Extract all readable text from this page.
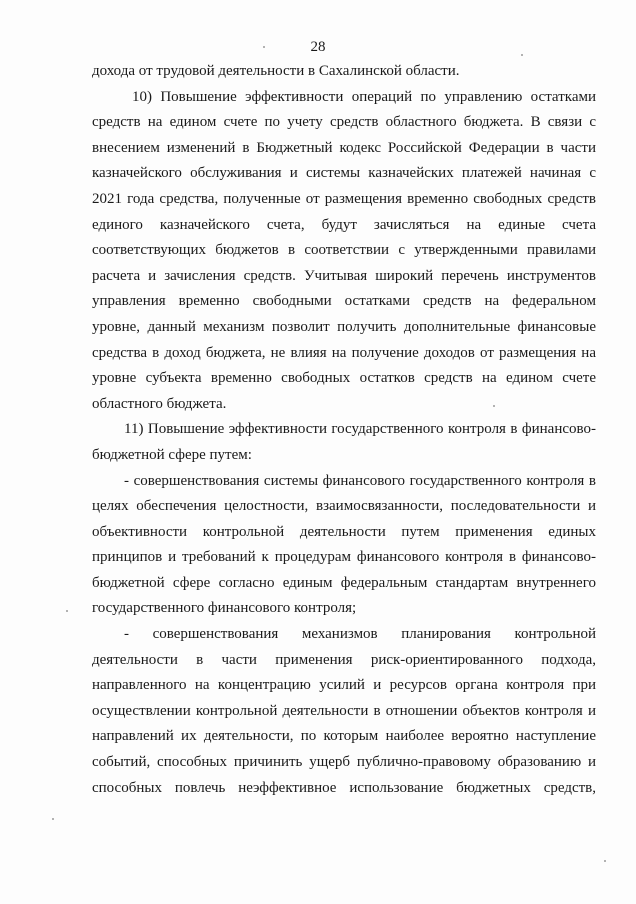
28
дохода от трудовой деятельности в Сахалинской области.
10) Повышение эффективности операций по управлению остатками
средств на едином счете по учету средств областного бюджета. В связи с
внесением изменений в Бюджетный кодекс Российской Федерации в части
казначейского обслуживания и системы казначейских платежей начиная с
2021 года средства, полученные от размещения временно свободных средств
единого казначейского счета, будут зачисляться на единые счета
соответствующих бюджетов в соответствии с утвержденными правилами
расчета и зачисления средств. Учитывая широкий перечень инструментов
управления временно свободными остатками средств на федеральном
уровне, данный механизм позволит получить дополнительные финансовые
средства в доход бюджета, не влияя на получение доходов от размещения на
уровне субъекта временно свободных остатков средств на едином счете
областного бюджета.
11) Повышение эффективности государственного контроля в финансово-
бюджетной сфере путем:
- совершенствования системы финансового государственного контроля в
целях обеспечения целостности, взаимосвязанности, последовательности и
объективности контрольной деятельности путем применения единых
принципов и требований к процедурам финансового контроля в финансово-
бюджетной сфере согласно единым федеральным стандартам внутреннего
государственного финансового контроля;
- совершенствования механизмов планирования контрольной
деятельности в части применения риск-ориентированного подхода,
направленного на концентрацию усилий и ресурсов органа контроля при
осуществлении контрольной деятельности в отношении объектов контроля и
направлений их деятельности, по которым наиболее вероятно наступление
событий, способных причинить ущерб публично-правовому образованию и
способных повлечь неэффективное использование бюджетных средств,
